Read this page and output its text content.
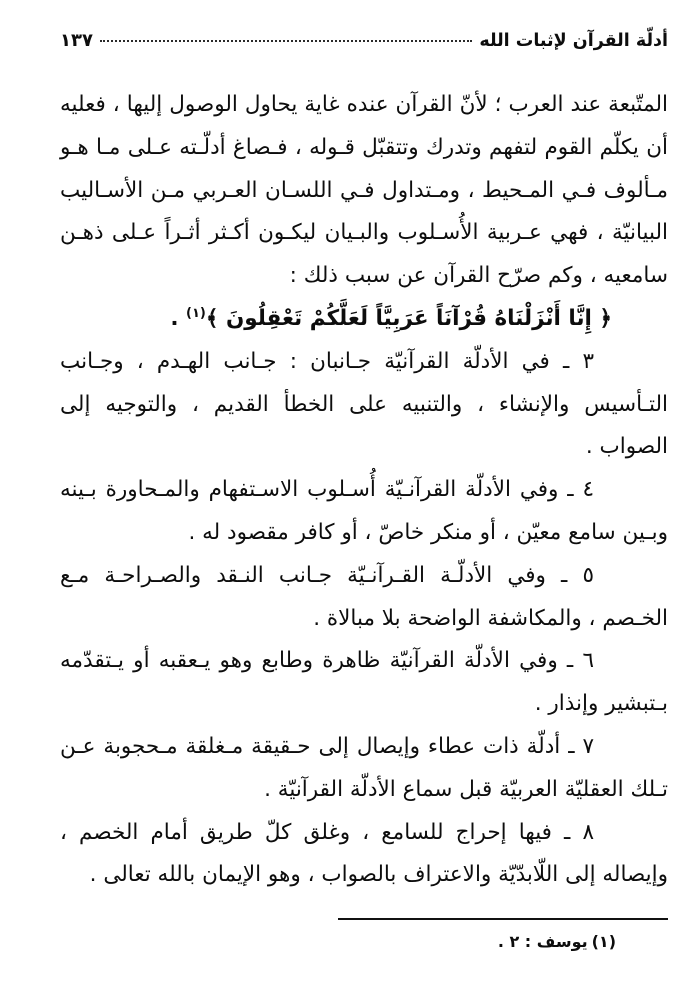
أدلّة القرآن لإثبات الله
١٣٧

المتّبعة عند العرب ؛ لأنّ القرآن عنده غاية يحاول الوصول إليها ، فعليه أن يكلّم القوم لتفهم وتدرك وتتقبّل قـوله ، فـصاغ أدلّـته عـلى مـا هـو مـألوف فـي المـحيط ، ومـتداول فـي اللسـان العـربي مـن الأسـاليب البيانيّة ، فهي عـربية الأُسـلوب والبـيان ليكـون أكـثر أثـراً عـلى ذهـن سامعيه ، وكم صرّح القرآن عن سبب ذلك :

﴿ إِنَّا أَنْزَلْنَاهُ قُرْآنَاً عَرَبِيَّاً لَعَلَّكُمْ تَعْقِلُونَ ﴾$^{(١)}$ .

٣ ـ في الأدلّة القرآنيّة جـانبان : جـانب الهـدم ، وجـانب التـأسيس والإنشاء ، والتنبيه على الخطأ القديم ، والتوجيه إلى الصواب .

٤ ـ وفي الأدلّة القرآنـيّة أُسـلوب الاسـتفهام والمـحاورة بـينه وبـين سامع معيّن ، أو منكر خاصّ ، أو كافر مقصود له .

٥ ـ وفي الأدلّـة القـرآنـيّة جـانب النـقد والصـراحـة مـع الخـصم ، والمكاشفة الواضحة بلا مبالاة .

٦ ـ وفي الأدلّة القرآنيّة ظاهرة وطابع وهو يـعقبه أو يـتقدّمه بـتبشير وإنذار .

٧ ـ أدلّة ذات عطاء وإيصال إلى حـقيقة مـغلقة مـحجوبة عـن تـلك العقليّة العربيّة قبل سماع الأدلّة القرآنيّة .

٨ ـ فيها إحراج للسامع ، وغلق كلّ طريق أمام الخصم ، وإيصاله إلى اللّابدّيّة والاعتراف بالصواب ، وهو الإيمان بالله تعالى .

(١)يوسف : ٢ .
